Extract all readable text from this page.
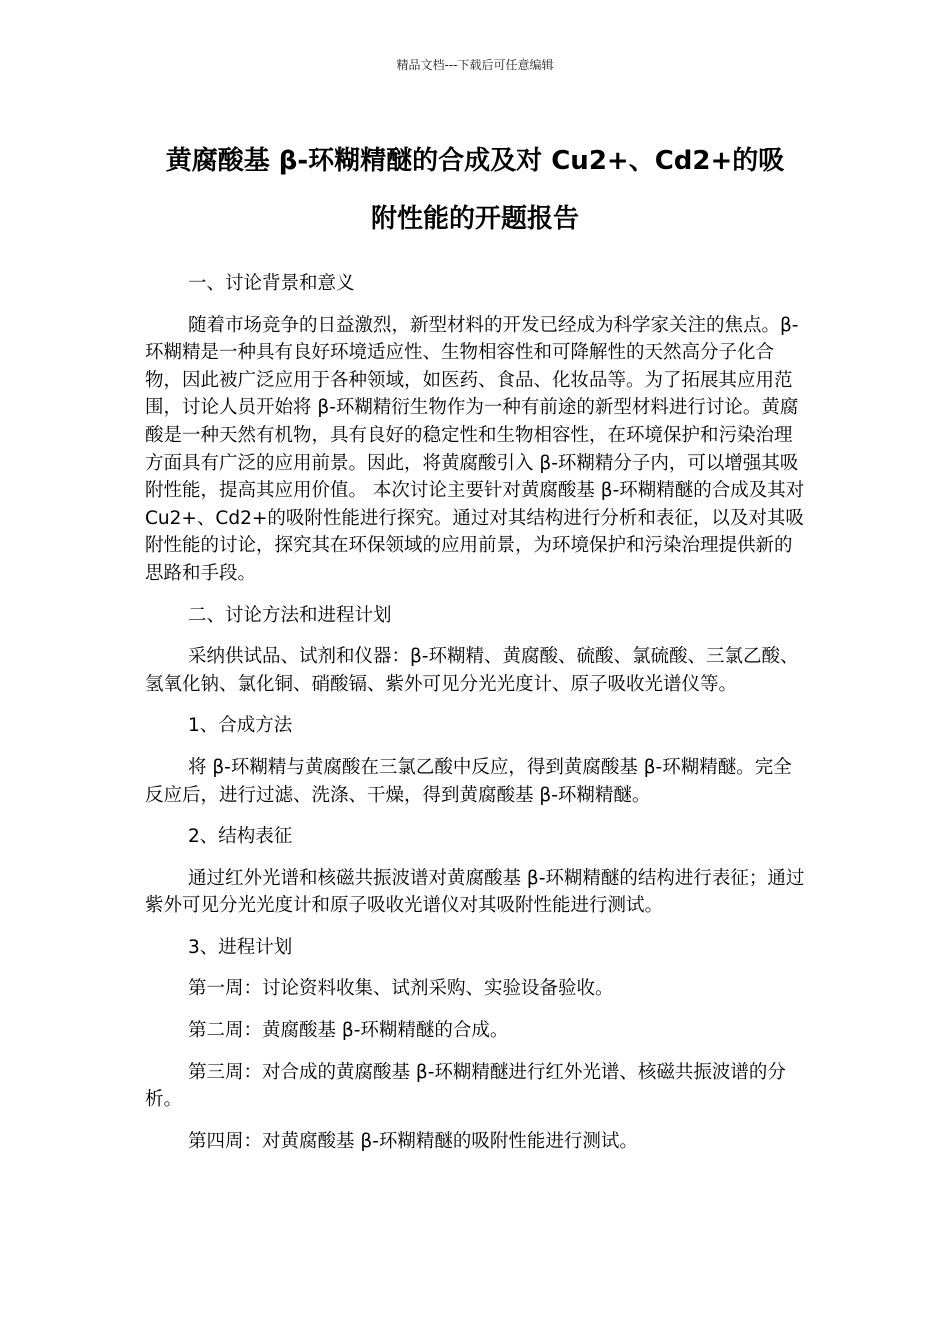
精品文档---下载后可任意编辑
黄腐酸基 β-环糊精醚的合成及对 Cu2+、Cd2+的吸
附性能的开题报告

一、讨论背景和意义

随着市场竞争的日益激烈，新型材料的开发已经成为科学家关注的焦点。β-环糊精是一种具有良好环境适应性、生物相容性和可降解性的天然高分子化合物，因此被广泛应用于各种领域，如医药、食品、化妆品等。为了拓展其应用范围，讨论人员开始将 β-环糊精衍生物作为一种有前途的新型材料进行讨论。黄腐酸是一种天然有机物，具有良好的稳定性和生物相容性，在环境保护和污染治理方面具有广泛的应用前景。因此，将黄腐酸引入 β-环糊精分子内，可以增强其吸附性能，提高其应用价值。 本次讨论主要针对黄腐酸基 β-环糊精醚的合成及其对 Cu2+、Cd2+的吸附性能进行探究。通过对其结构进行分析和表征，以及对其吸附性能的讨论，探究其在环保领域的应用前景，为环境保护和污染治理提供新的思路和手段。

二、讨论方法和进程计划

采纳供试品、试剂和仪器：β-环糊精、黄腐酸、硫酸、氯硫酸、三氯乙酸、氢氧化钠、氯化铜、硝酸镉、紫外可见分光光度计、原子吸收光谱仪等。

1、合成方法

将 β-环糊精与黄腐酸在三氯乙酸中反应，得到黄腐酸基 β-环糊精醚。完全反应后，进行过滤、洗涤、干燥，得到黄腐酸基 β-环糊精醚。

2、结构表征

通过红外光谱和核磁共振波谱对黄腐酸基 β-环糊精醚的结构进行表征；通过紫外可见分光光度计和原子吸收光谱仪对其吸附性能进行测试。

3、进程计划

第一周：讨论资料收集、试剂采购、实验设备验收。

第二周：黄腐酸基 β-环糊精醚的合成。

第三周：对合成的黄腐酸基 β-环糊精醚进行红外光谱、核磁共振波谱的分析。

第四周：对黄腐酸基 β-环糊精醚的吸附性能进行测试。
